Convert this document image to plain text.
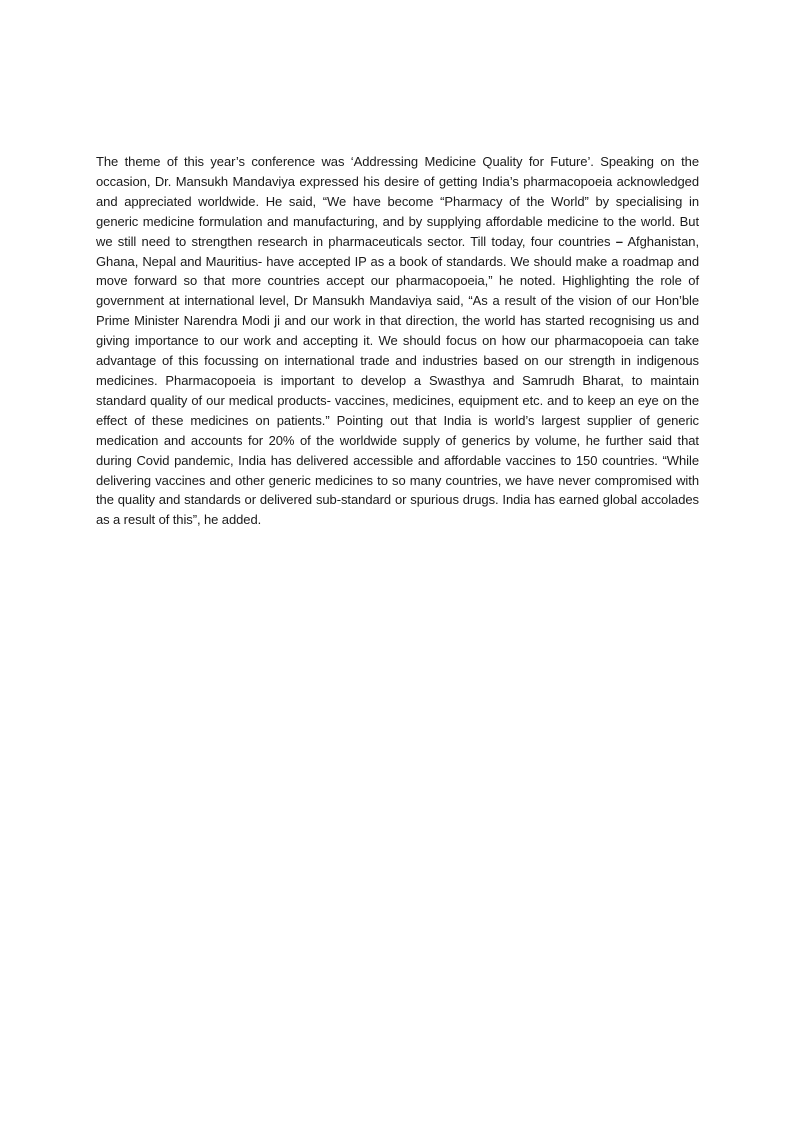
The theme of this year’s conference was ‘Addressing Medicine Quality for Future’. Speaking on the occasion, Dr. Mansukh Mandaviya expressed his desire of getting India’s pharmacopoeia acknowledged and appreciated worldwide. He said, “We have become “Pharmacy of the World” by specialising in generic medicine formulation and manufacturing, and by supplying affordable medicine to the world. But we still need to strengthen research in pharmaceuticals sector. Till today, four countries – Afghanistan, Ghana, Nepal and Mauritius- have accepted IP as a book of standards. We should make a roadmap and move forward so that more countries accept our pharmacopoeia,” he noted. Highlighting the role of government at international level, Dr Mansukh Mandaviya said, “As a result of the vision of our Hon’ble Prime Minister Narendra Modi ji and our work in that direction, the world has started recognising us and giving importance to our work and accepting it. We should focus on how our pharmacopoeia can take advantage of this focussing on international trade and industries based on our strength in indigenous medicines. Pharmacopoeia is important to develop a Swasthya and Samrudh Bharat, to maintain standard quality of our medical products- vaccines, medicines, equipment etc. and to keep an eye on the effect of these medicines on patients.” Pointing out that India is world’s largest supplier of generic medication and accounts for 20% of the worldwide supply of generics by volume, he further said that during Covid pandemic, India has delivered accessible and affordable vaccines to 150 countries. “While delivering vaccines and other generic medicines to so many countries, we have never compromised with the quality and standards or delivered sub-standard or spurious drugs. India has earned global accolades as a result of this”, he added.
